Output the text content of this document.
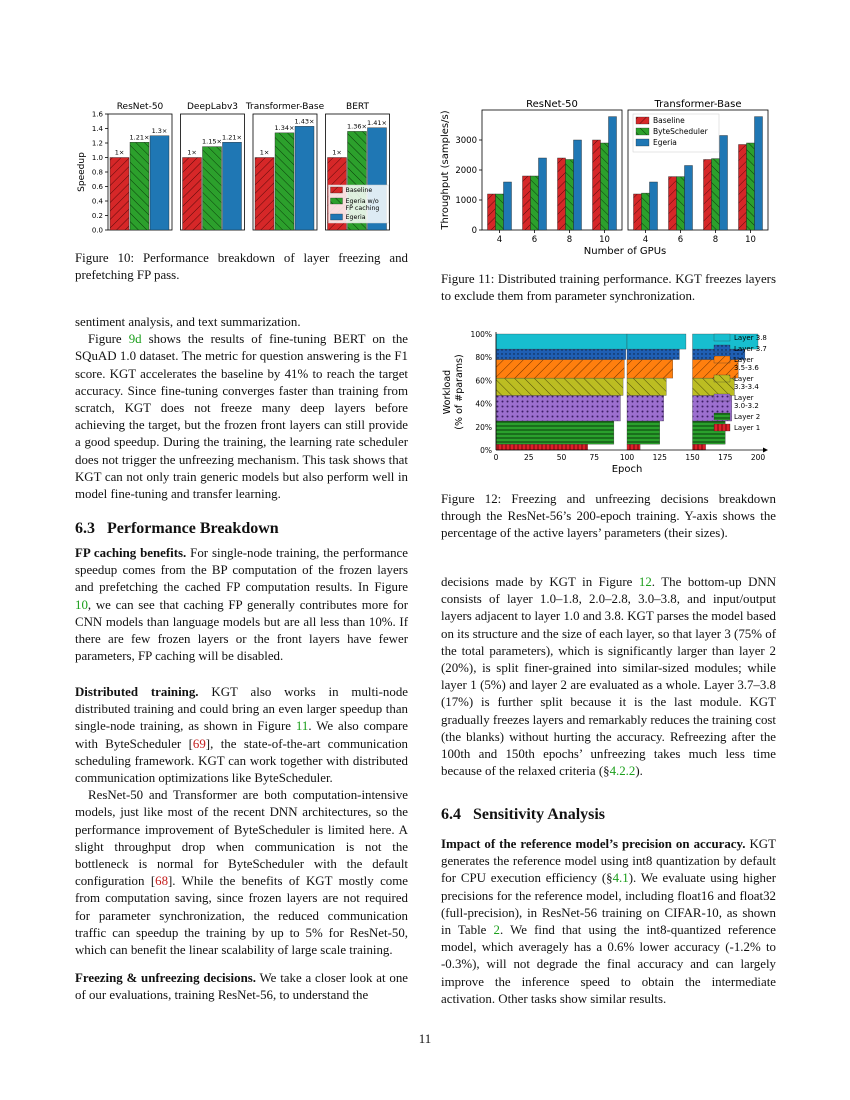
0.0
0.2
0.4
0.6
0.8
1.0
1.2
1.4
1.6
Speedup
ResNet-50
1×
1.21×
1.3×
DeepLabv3
1×
1.15×
1.21×
Transformer-Base
1×
1.34×
1.43×
BERT
1×
1.36× 1.41×
Baseline
Egeria w/o
FP caching
Egeria
Figure 10: Performance breakdown of layer freezing and prefetching FP pass.
0
1000
2000
3000
Throughput (samples/s)
ResNet-50
4	6	8	10
Transformer-Base
4	6	8	10
Number of GPUs
Baseline
ByteScheduler
Egeria
Figure 11: Distributed training performance. KGT freezes layers to exclude them from parameter synchronization.
0%
20%
40%
60%
80%
100%
0	25	50	75	100 125 150 175 200
Epoch
Workload (% of #params)
Layer 3.8
Layer 3.7
Layer
3.5-3.6
Layer
3.3-3.4
Layer
3.0-3.2
Layer 2
Layer 1
Figure 12: Freezing and unfreezing decisions breakdown through the ResNet-56’s 200-epoch training. Y-axis shows the percentage of the active layers’ parameters (their sizes).

sentiment analysis, and text summarization.

Figure 9d shows the results of fine-tuning BERT on the SQuAD 1.0 dataset. The metric for question answering is the F1 score. KGT accelerates the baseline by 41% to reach the target accuracy. Since fine-tuning converges faster than training from scratch, KGT does not freeze many deep layers before achieving the target, but the frozen front layers can still provide a good speedup. During the training, the learning rate scheduler does not trigger the unfreezing mechanism. This task shows that KGT can not only train generic models but also perform well in model fine-tuning and transfer learning.

6.3 Performance Breakdown

FP caching benefits. For single-node training, the performance speedup comes from the BP computation of the frozen layers and prefetching the cached FP computation results. In Figure 10, we can see that caching FP generally contributes more for CNN models than language models but are all less than 10%. If there are few frozen layers or the front layers have fewer parameters, FP caching will be disabled.

Distributed training. KGT also works in multi-node distributed training and could bring an even larger speedup than single-node training, as shown in Figure 11. We also compare with ByteScheduler [69], the state-of-the-art communication scheduling framework. KGT can work together with distributed communication optimizations like ByteScheduler.

ResNet-50 and Transformer are both computation-intensive models, just like most of the recent DNN architectures, so the performance improvement of ByteScheduler is limited here. A slight throughput drop when communication is not the bottleneck is normal for ByteScheduler with the default configuration [68]. While the benefits of KGT mostly come from computation saving, since frozen layers are not required for parameter synchronization, the reduced communication traffic can speedup the training by up to 5% for ResNet-50, which can benefit the linear scalability of large scale training.

Freezing & unfreezing decisions. We take a closer look at one of our evaluations, training ResNet-56, to understand the

decisions made by KGT in Figure 12. The bottom-up DNN consists of layer 1.0–1.8, 2.0–2.8, 3.0–3.8, and input/output layers adjacent to layer 1.0 and 3.8. KGT parses the model based on its structure and the size of each layer, so that layer 3 (75% of the total parameters), which is significantly larger than layer 2 (20%), is split finer-grained into similar-sized modules; while layer 1 (5%) and layer 2 are evaluated as a whole. Layer 3.7–3.8 (17%) is further split because it is the last module. KGT gradually freezes layers and remarkably reduces the training cost (the blanks) without hurting the accuracy. Refreezing after the 100th and 150th epochs’ unfreezing takes much less time because of the relaxed criteria (§4.2.2).

6.4 Sensitivity Analysis

Impact of the reference model’s precision on accuracy. KGT generates the reference model using int8 quantization by default for CPU execution efficiency (§4.1). We evaluate using higher precisions for the reference model, including float16 and float32 (full-precision), in ResNet-56 training on CIFAR-10, as shown in Table 2. We find that using the int8-quantized reference model, which averagely has a 0.6% lower accuracy (-1.2% to -0.3%), will not degrade the final accuracy and can largely improve the inference speed to obtain the intermediate activation. Other tasks show similar results.

11
